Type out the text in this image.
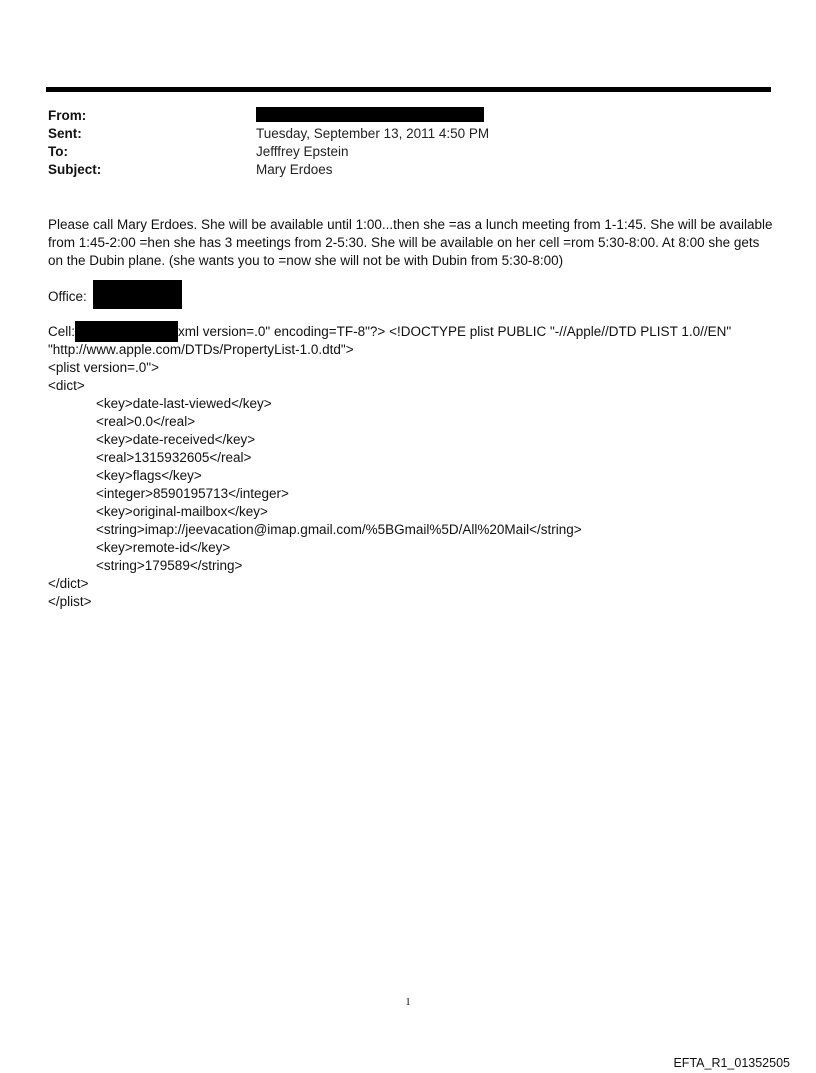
From:
Sent:	Tuesday, September 13, 2011 4:50 PM
To:	Jefffrey Epstein
Subject:	Mary Erdoes
Please call Mary Erdoes. She will be available until 1:00...then she =as a lunch meeting from 1-1:45. She will be available from 1:45-2:00 =hen she has 3 meetings from 2-5:30. She will be available on her cell =rom 5:30-8:00. At 8:00 she gets on the Dubin plane. (she wants you to =now she will not be with Dubin from 5:30-8:00)
Office:
Cell:	xml version=.0" encoding=TF-8"?> <!DOCTYPE plist PUBLIC "-//Apple//DTD PLIST 1.0//EN"
"http://www.apple.com/DTDs/PropertyList-1.0.dtd">
<plist version=.0">
<dict>
<key>date-last-viewed</key>
<real>0.0</real>
<key>date-received</key>
<real>1315932605</real>
<key>flags</key>
<integer>8590195713</integer>
<key>original-mailbox</key>
<string>imap://jeevacation@imap.gmail.com/%5BGmail%5D/All%20Mail</string>
<key>remote-id</key>
<string>179589</string>
</dict>
</plist>
1
EFTA_R1_01352505
